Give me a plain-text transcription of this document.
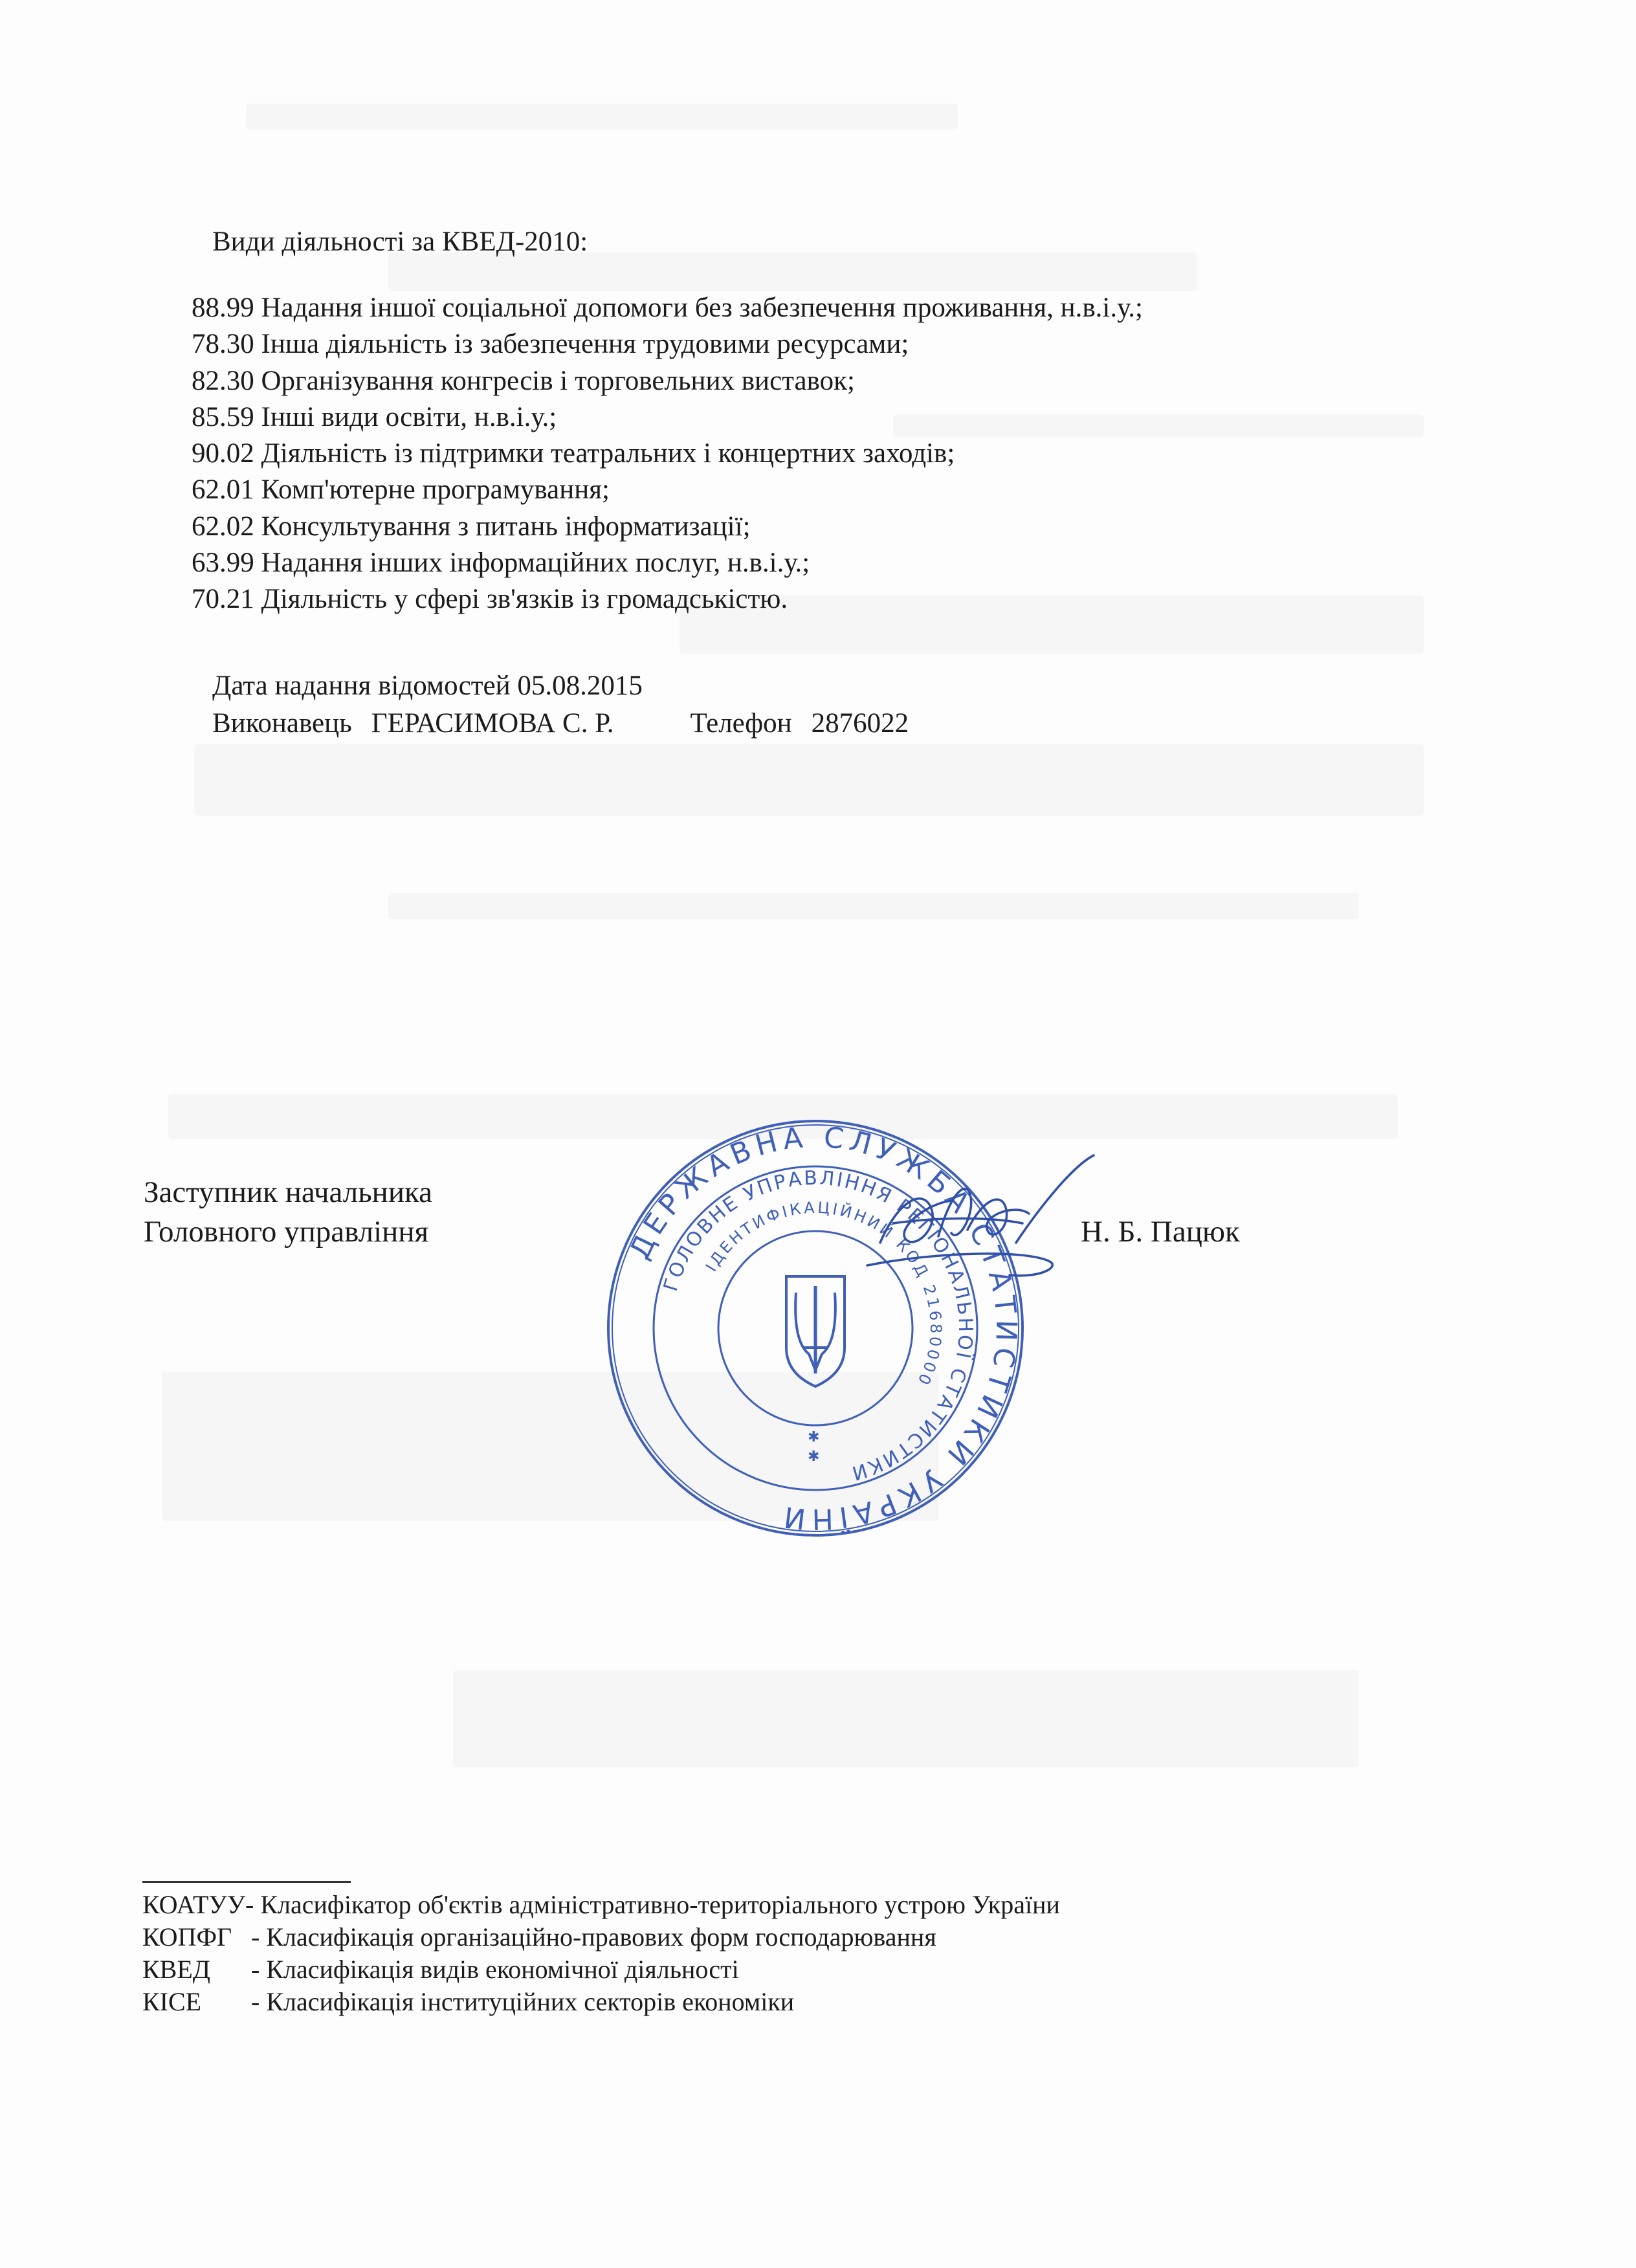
Види діяльності за КВЕД-2010:
88.99 Надання іншої соціальної допомоги без забезпечення проживання, н.в.і.у.;
78.30 Інша діяльність із забезпечення трудовими ресурсами;
82.30 Організування конгресів і торговельних виставок;
85.59 Інші види освіти, н.в.і.у.;
90.02 Діяльність із підтримки театральних і концертних заходів;
62.01 Комп'ютерне програмування;
62.02 Консультування з питань інформатизації;
63.99 Надання інших інформаційних послуг, н.в.і.у.;
70.21 Діяльність у сфері зв'язків із громадськістю.
Дата надання відомостей 05.08.2015
Виконавець ГЕРАСИМОВА С. Р.	Телефон 2876022
Заступник начальника
Головного управління	Н. Б. Пацюк
ДЕРЖАВНА СЛУЖБА СТАТИСТИКИ УКРАЇНИ
ГОЛОВНЕ УПРАВЛІННЯ РЕГІОНАЛЬНОЇ СТАТИСТИКИ
ІДЕНТИФІКАЦІЙНИЙ КОД 21680000
✱
✱
КОАТУУ- Класифікатор об'єктів адміністративно-територіального устрою України
КОПФГ - Класифікація організаційно-правових форм господарювання
КВЕД - Класифікація видів економічної діяльності
КІСЕ - Класифікація інституційних секторів економіки
